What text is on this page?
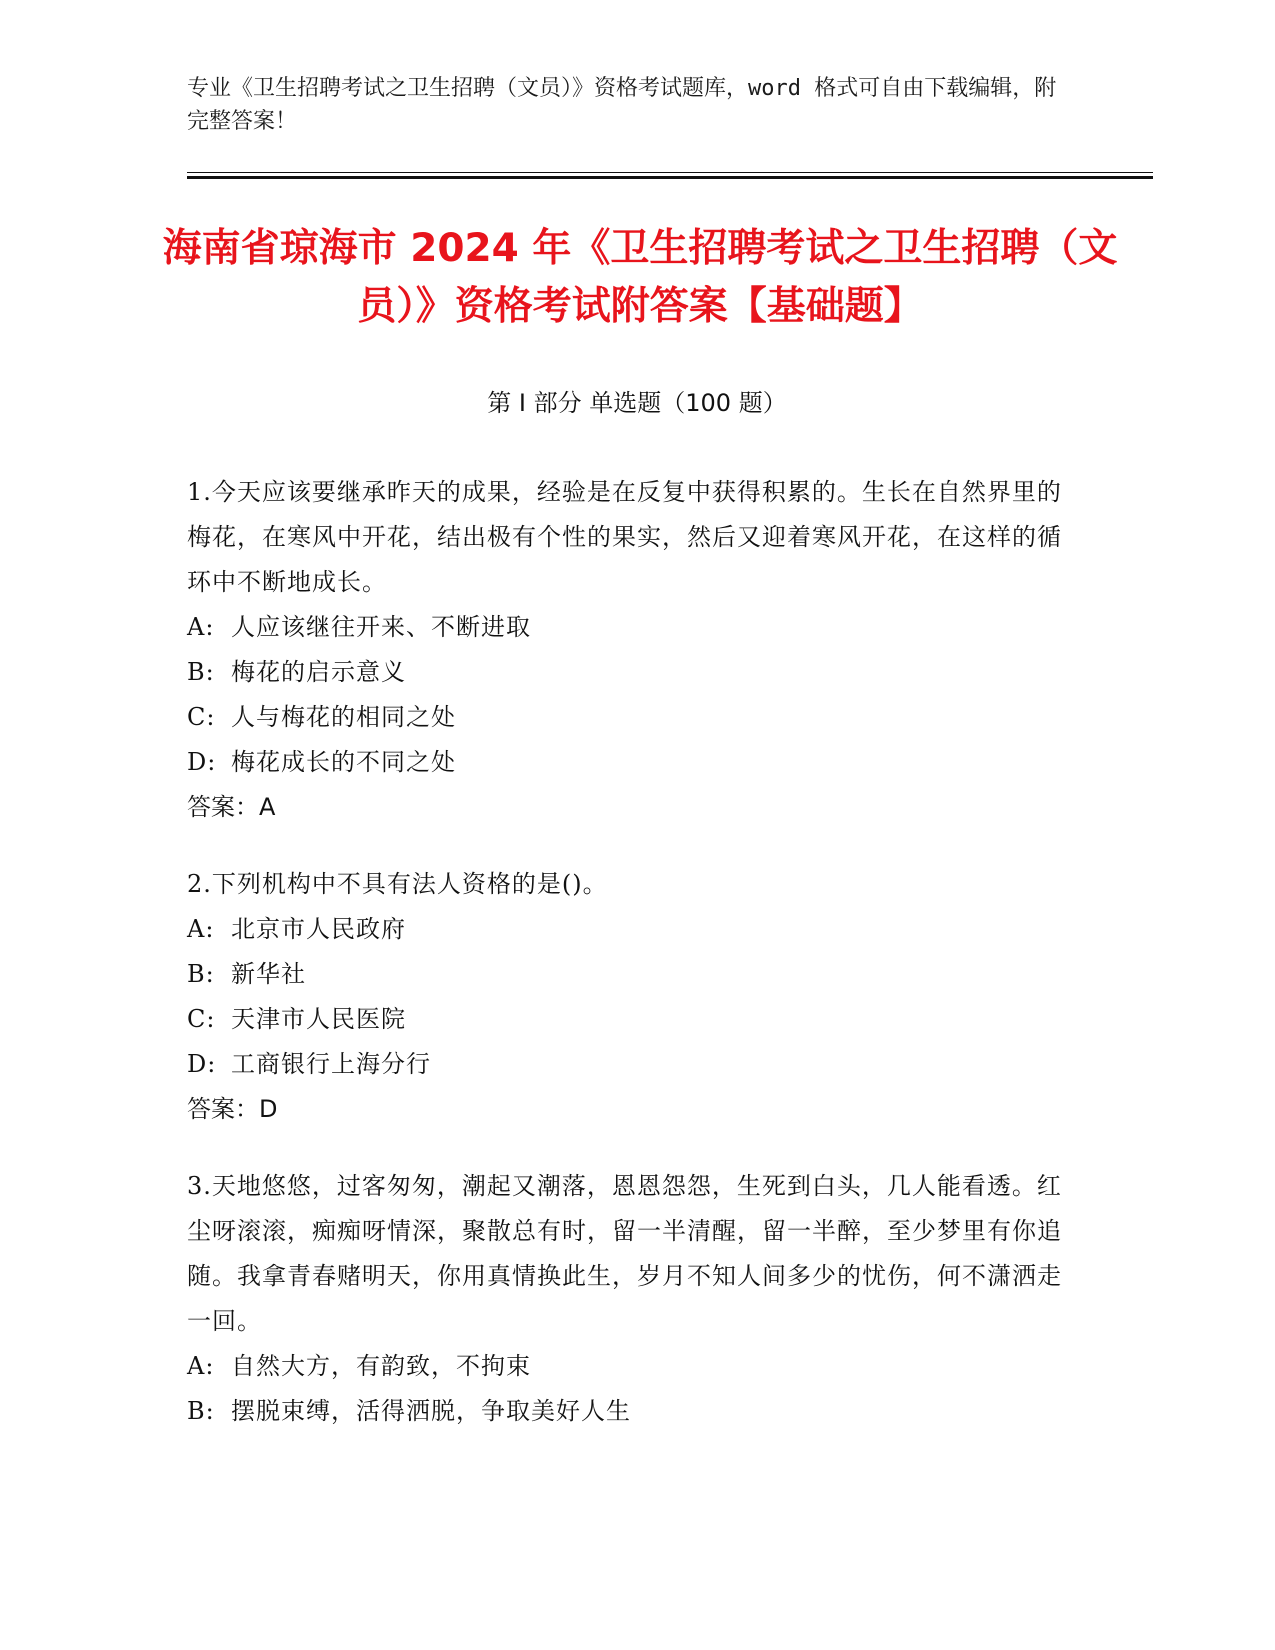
专业《卫生招聘考试之卫生招聘（文员）》资格考试题库，word 格式可自由下载编辑，附完整答案！
海南省琼海市 2024 年《卫生招聘考试之卫生招聘（文员）》资格考试附答案【基础题】
第 I 部分 单选题（100 题）
1.今天应该要继承昨天的成果，经验是在反复中获得积累的。生长在自然界里的梅花，在寒风中开花，结出极有个性的果实，然后又迎着寒风开花，在这样的循环中不断地成长。
A: 人应该继往开来、不断进取
B: 梅花的启示意义
C: 人与梅花的相同之处
D: 梅花成长的不同之处
答案：A
2.下列机构中不具有法人资格的是()。
A: 北京市人民政府
B: 新华社
C: 天津市人民医院
D: 工商银行上海分行
答案：D
3.天地悠悠，过客匆匆，潮起又潮落，恩恩怨怨，生死到白头，几人能看透。红尘呀滚滚，痴痴呀情深，聚散总有时，留一半清醒，留一半醉，至少梦里有你追随。我拿青春赌明天，你用真情换此生，岁月不知人间多少的忧伤，何不潇洒走一回。
A: 自然大方，有韵致，不拘束
B: 摆脱束缚，活得洒脱，争取美好人生
